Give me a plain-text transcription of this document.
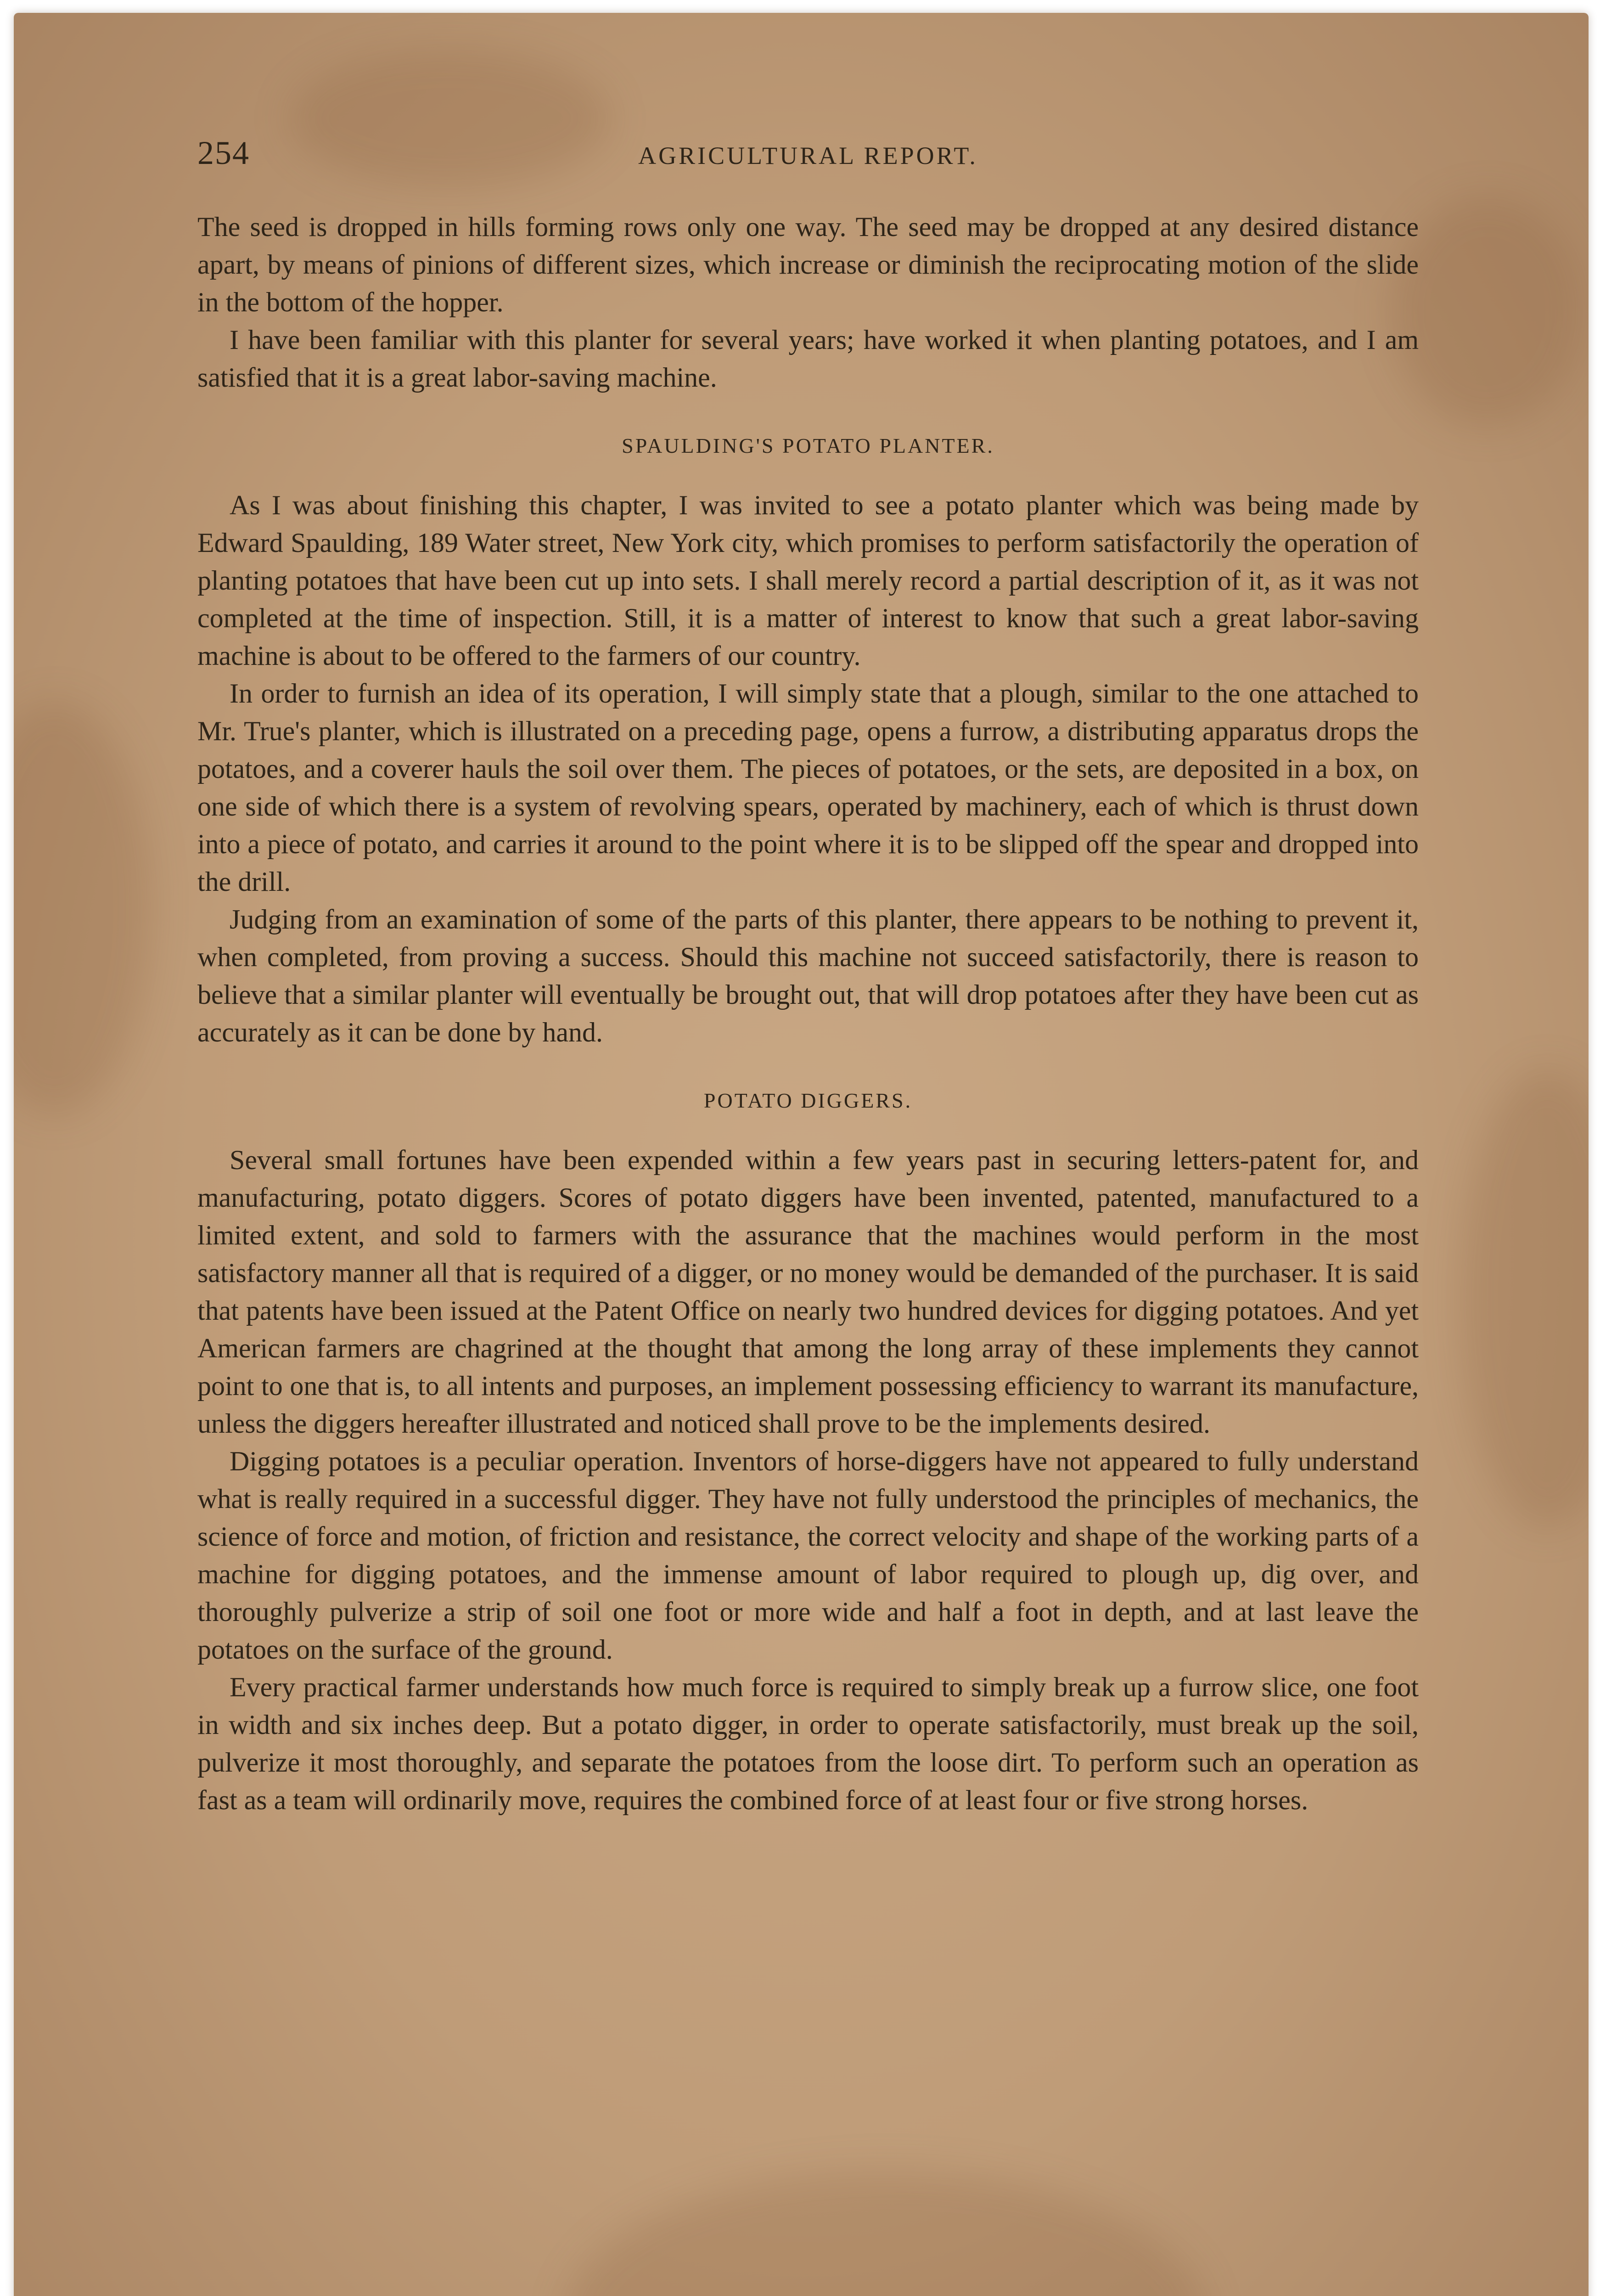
254	AGRICULTURAL REPORT.

The seed is dropped in hills forming rows only one way. The seed may be dropped at any desired distance apart, by means of pinions of different sizes, which increase or diminish the reciprocating motion of the slide in the bottom of the hopper.

I have been familiar with this planter for several years; have worked it when planting potatoes, and I am satisfied that it is a great labor-saving machine.

SPAULDING'S POTATO PLANTER.

As I was about finishing this chapter, I was invited to see a potato planter which was being made by Edward Spaulding, 189 Water street, New York city, which promises to perform satisfactorily the operation of planting potatoes that have been cut up into sets. I shall merely record a partial description of it, as it was not completed at the time of inspection. Still, it is a matter of interest to know that such a great labor-saving machine is about to be offered to the farmers of our country.

In order to furnish an idea of its operation, I will simply state that a plough, similar to the one attached to Mr. True's planter, which is illustrated on a preceding page, opens a furrow, a distributing apparatus drops the potatoes, and a coverer hauls the soil over them. The pieces of potatoes, or the sets, are deposited in a box, on one side of which there is a system of revolving spears, operated by machinery, each of which is thrust down into a piece of potato, and carries it around to the point where it is to be slipped off the spear and dropped into the drill.

Judging from an examination of some of the parts of this planter, there appears to be nothing to prevent it, when completed, from proving a success. Should this machine not succeed satisfactorily, there is reason to believe that a similar planter will eventually be brought out, that will drop potatoes after they have been cut as accurately as it can be done by hand.

POTATO DIGGERS.

Several small fortunes have been expended within a few years past in securing letters-patent for, and manufacturing, potato diggers. Scores of potato diggers have been invented, patented, manufactured to a limited extent, and sold to farmers with the assurance that the machines would perform in the most satisfactory manner all that is required of a digger, or no money would be demanded of the purchaser. It is said that patents have been issued at the Patent Office on nearly two hundred devices for digging potatoes. And yet American farmers are chagrined at the thought that among the long array of these implements they cannot point to one that is, to all intents and purposes, an implement possessing efficiency to warrant its manufacture, unless the diggers hereafter illustrated and noticed shall prove to be the implements desired.

Digging potatoes is a peculiar operation. Inventors of horse-diggers have not appeared to fully understand what is really required in a successful digger. They have not fully understood the principles of mechanics, the science of force and motion, of friction and resistance, the correct velocity and shape of the working parts of a machine for digging potatoes, and the immense amount of labor required to plough up, dig over, and thoroughly pulverize a strip of soil one foot or more wide and half a foot in depth, and at last leave the potatoes on the surface of the ground.

Every practical farmer understands how much force is required to simply break up a furrow slice, one foot in width and six inches deep. But a potato digger, in order to operate satisfactorily, must break up the soil, pulverize it most thoroughly, and separate the potatoes from the loose dirt. To perform such an operation as fast as a team will ordinarily move, requires the combined force of at least four or five strong horses.
